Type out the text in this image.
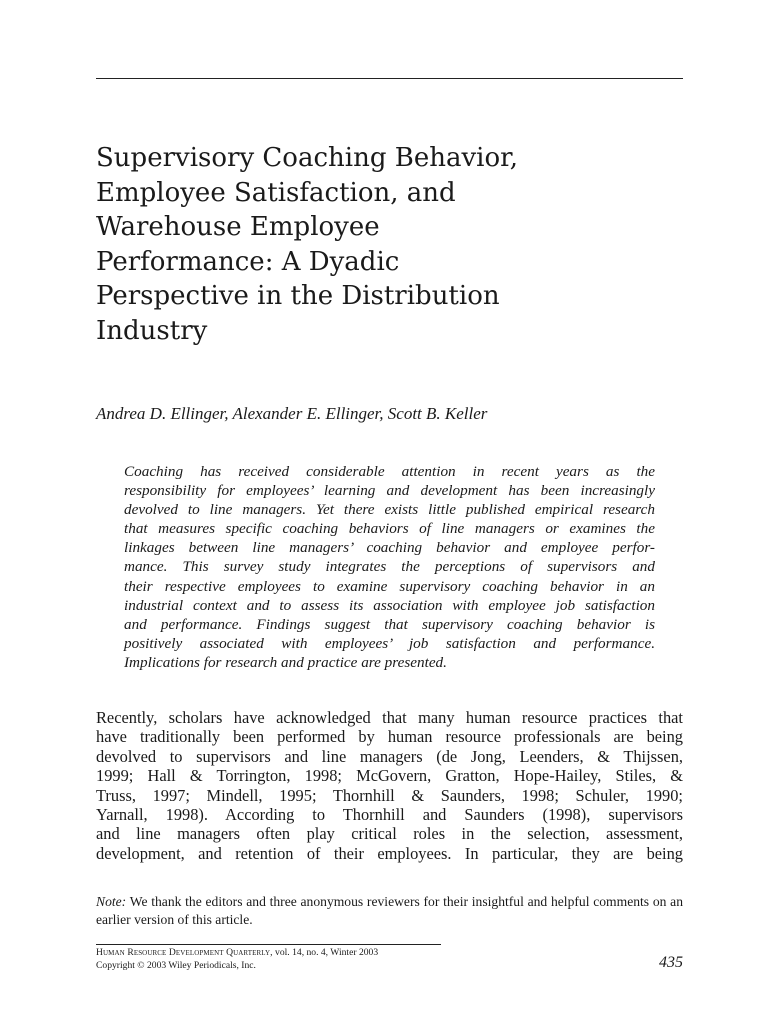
Supervisory Coaching Behavior,
Employee Satisfaction, and
Warehouse Employee
Performance: A Dyadic
Perspective in the Distribution
Industry

Andrea D. Ellinger, Alexander E. Ellinger, Scott B. Keller

Coaching has received considerable attention in recent years as the
responsibility for employees’ learning and development has been increasingly
devolved to line managers. Yet there exists little published empirical research
that measures specific coaching behaviors of line managers or examines the
linkages between line managers’ coaching behavior and employee perfor-
mance. This survey study integrates the perceptions of supervisors and
their respective employees to examine supervisory coaching behavior in an
industrial context and to assess its association with employee job satisfaction
and performance. Findings suggest that supervisory coaching behavior is
positively associated with employees’ job satisfaction and performance.
Implications for research and practice are presented.
Recently, scholars have acknowledged that many human resource practices that
have traditionally been performed by human resource professionals are being
devolved to supervisors and line managers (de Jong, Leenders, & Thijssen,
1999; Hall & Torrington, 1998; McGovern, Gratton, Hope-Hailey, Stiles, &
Truss, 1997; Mindell, 1995; Thornhill & Saunders, 1998; Schuler, 1990;
Yarnall, 1998). According to Thornhill and Saunders (1998), supervisors
and line managers often play critical roles in the selection, assessment,
development, and retention of their employees. In particular, they are being

Note: We thank the editors and three anonymous reviewers for their insightful and helpful comments on an earlier version of this article.

Human Resource Development Quarterly, vol. 14, no. 4, Winter 2003
Copyright © 2003 Wiley Periodicals, Inc.	435
